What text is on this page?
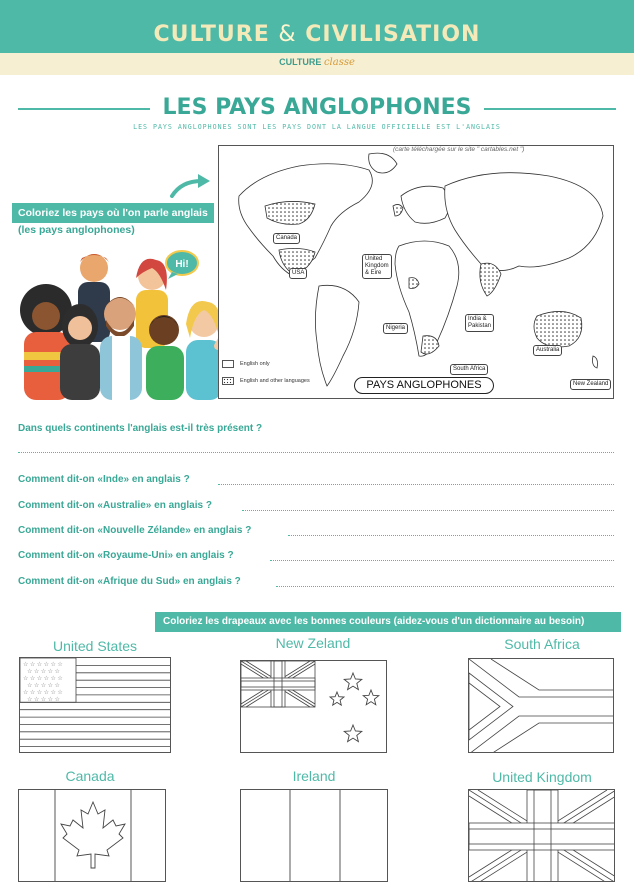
CULTURE & CIVILISATION
CULTURE classe
LES PAYS ANGLOPHONES
LES PAYS ANGLOPHONES SONT LES PAYS DONT LA LANGUE OFFICIELLE EST L'ANGLAIS
Coloriez les pays où l'on parle anglais
(les pays anglophones)
Hi!
(carte téléchargée sur le site " cartables.net ")
Canada
USA
United
Kingdom
& Eire
Nigeria
India &
Pakistan
South Africa
Australia
New Zealand
English only
English and other languages	PAYS ANGLOPHONES
Dans quels continents l'anglais est-il très présent ?
Comment dit-on «Inde» en anglais ?
Comment dit-on «Australie» en anglais ?
Comment dit-on «Nouvelle Zélande» en anglais ?
Comment dit-on «Royaume-Uni» en anglais ?
Comment dit-on «Afrique du Sud» en anglais ?
Coloriez les drapeaux avec les bonnes couleurs (aidez-vous d'un dictionnaire au besoin)
United States	New Zeland	South Africa
Canada	Ireland	United Kingdom
☆☆☆☆☆☆
☆☆☆☆☆
☆☆☆☆☆☆
☆☆☆☆☆
☆☆☆☆☆☆
☆☆☆☆☆
